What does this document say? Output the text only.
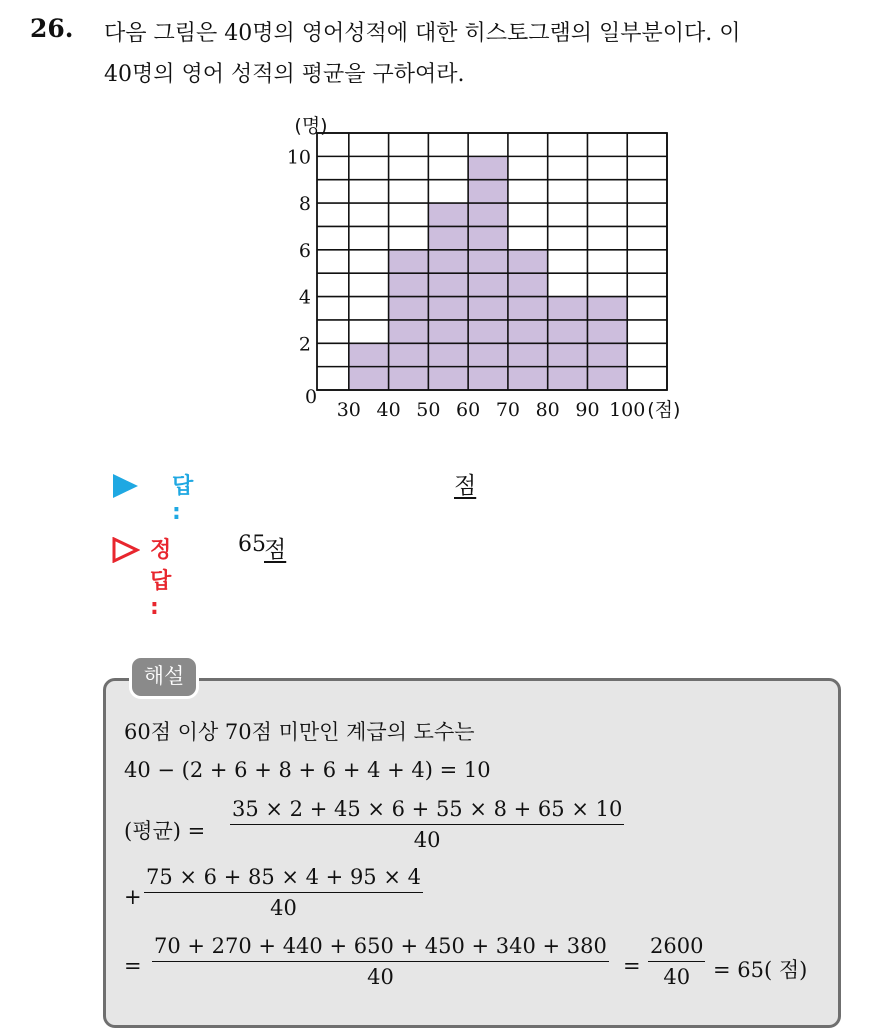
26. 다음 그림은 40명의 영어성적에 대한 히스토그램의 일부분이다. 이
40명의 영어 성적의 평균을 구하여라.
2
4
6
8
10
0
30 40 50 60 70 80 90 100
(명)
(점)
답 :
점
정답 :
65
점
해설
60점 이상 70점 미만인 계급의 도수는
40 − (2 + 6 + 8 + 6 + 4 + 4) = 10
(평균) = $\frac{35 \times 2 + 45 \times 6 + 55 \times 8 + 65 \times 10}{40}$
+ $\frac{75 \times 6 + 85 \times 4 + 95 \times 4}{40}$
= $\frac{70 + 270 + 440 + 650 + 450 + 340 + 380}{40} = \frac{2600}{40} = 65$( 점)
